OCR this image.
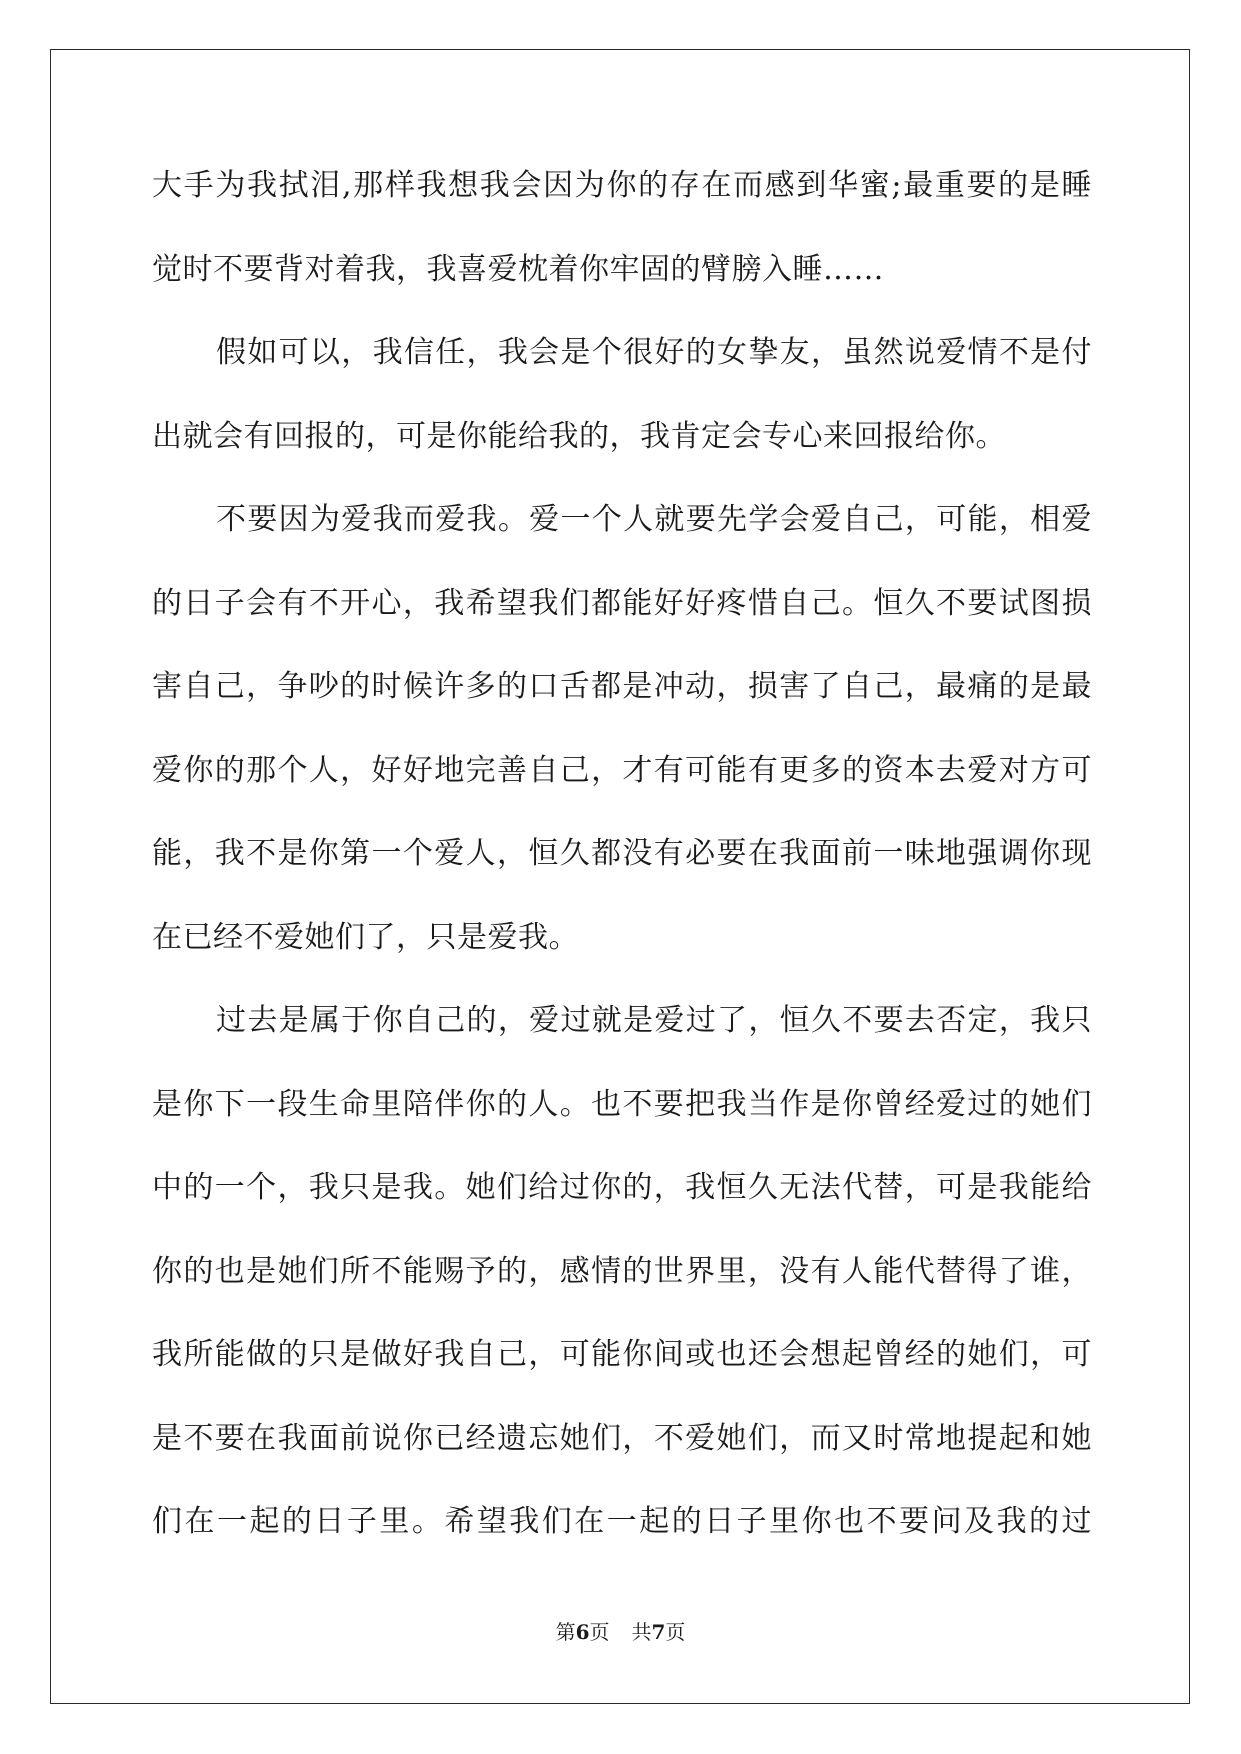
大手为我拭泪,那样我想我会因为你的存在而感到华蜜;最重要的是睡
觉时不要背对着我，我喜爱枕着你牢固的臂膀入睡……
假如可以，我信任，我会是个很好的女挚友，虽然说爱情不是付
出就会有回报的，可是你能给我的，我肯定会专心来回报给你。
不要因为爱我而爱我。爱一个人就要先学会爱自己，可能，相爱
的日子会有不开心，我希望我们都能好好疼惜自己。恒久不要试图损
害自己，争吵的时候许多的口舌都是冲动，损害了自己，最痛的是最
爱你的那个人，好好地完善自己，才有可能有更多的资本去爱对方可
能，我不是你第一个爱人，恒久都没有必要在我面前一味地强调你现
在已经不爱她们了，只是爱我。
过去是属于你自己的，爱过就是爱过了，恒久不要去否定，我只
是你下一段生命里陪伴你的人。也不要把我当作是你曾经爱过的她们
中的一个，我只是我。她们给过你的，我恒久无法代替，可是我能给
你的也是她们所不能赐予的，感情的世界里，没有人能代替得了谁，
我所能做的只是做好我自己，可能你间或也还会想起曾经的她们，可
是不要在我面前说你已经遗忘她们，不爱她们，而又时常地提起和她
们在一起的日子里。希望我们在一起的日子里你也不要问及我的过
第6页 共7页
